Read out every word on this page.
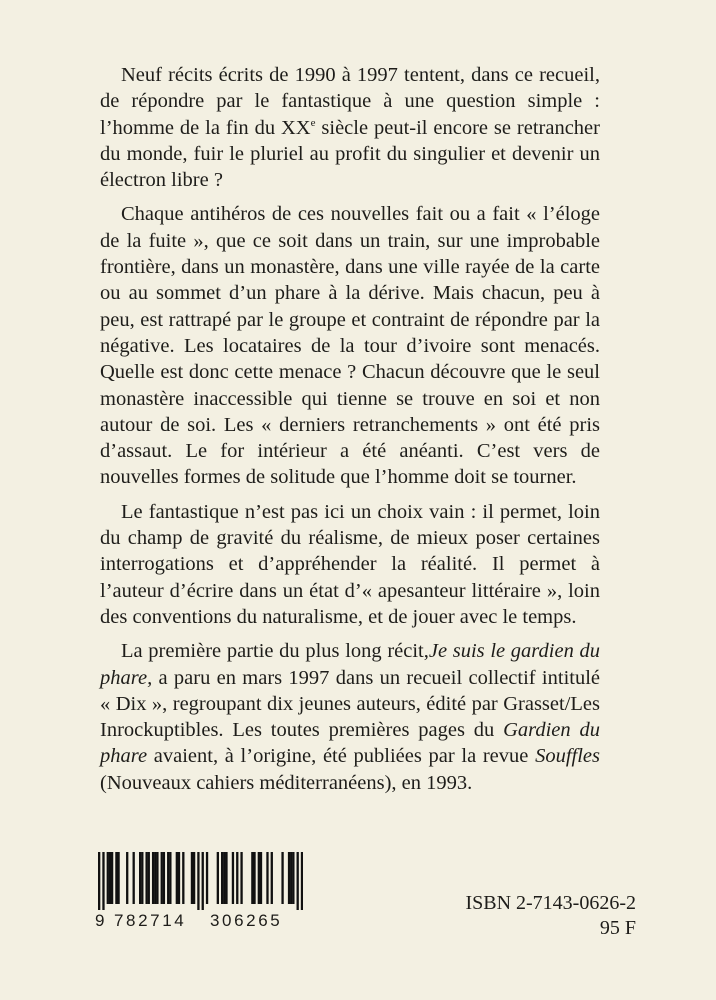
Neuf récits écrits de 1990 à 1997 tentent, dans ce recueil, de répondre par le fantastique à une question simple : l’homme de la fin du XXe siècle peut-il encore se retrancher du monde, fuir le pluriel au profit du singulier et devenir un électron libre ?

Chaque antihéros de ces nouvelles fait ou a fait « l’éloge de la fuite », que ce soit dans un train, sur une improbable frontière, dans un monastère, dans une ville rayée de la carte ou au sommet d’un phare à la dérive. Mais chacun, peu à peu, est rattrapé par le groupe et contraint de répondre par la négative. Les locataires de la tour d’ivoire sont menacés. Quelle est donc cette menace ? Chacun découvre que le seul monastère inaccessible qui tienne se trouve en soi et non autour de soi. Les « derniers retranchements » ont été pris d’assaut. Le for intérieur a été anéanti. C’est vers de nouvelles formes de solitude que l’homme doit se tourner.

Le fantastique n’est pas ici un choix vain : il permet, loin du champ de gravité du réalisme, de mieux poser certaines interrogations et d’appréhender la réalité. Il permet à l’auteur d’écrire dans un état d’« apesanteur littéraire », loin des conventions du naturalisme, et de jouer avec le temps.

La première partie du plus long récit,Je suis le gardien du phare, a paru en mars 1997 dans un recueil collectif intitulé « Dix », regroupant dix jeunes auteurs, édité par Grasset/Les Inrockuptibles. Les toutes premières pages du Gardien du phare avaient, à l’origine, été publiées par la revue Souffles (Nouveaux cahiers méditerranéens), en 1993.

9 782714 306265
ISBN 2-7143-0626-2
95 F
